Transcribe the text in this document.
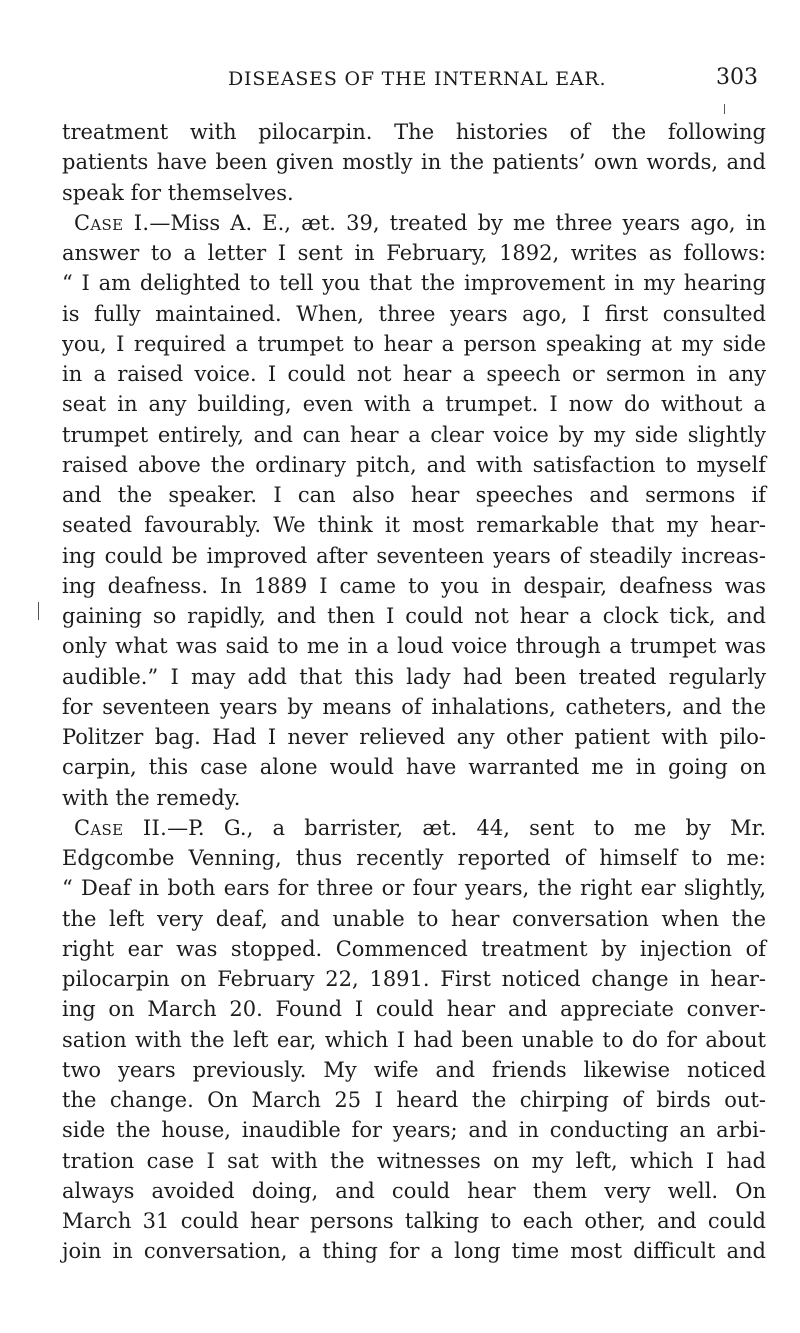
DISEASES OF THE INTERNAL EAR.	303
treatment with pilocarpin. The histories of the following
patients have been given mostly in the patients’ own words, and
speak for themselves.
Case I.—Miss A. E., æt. 39, treated by me three years ago, in
answer to a letter I sent in February, 1892, writes as follows:
“ I am delighted to tell you that the improvement in my hearing
is fully maintained. When, three years ago, I first consulted
you, I required a trumpet to hear a person speaking at my side
in a raised voice. I could not hear a speech or sermon in any
seat in any building, even with a trumpet. I now do without a
trumpet entirely, and can hear a clear voice by my side slightly
raised above the ordinary pitch, and with satisfaction to myself
and the speaker. I can also hear speeches and sermons if
seated favourably. We think it most remarkable that my hear-
ing could be improved after seventeen years of steadily increas-
ing deafness. In 1889 I came to you in despair, deafness was
gaining so rapidly, and then I could not hear a clock tick, and
only what was said to me in a loud voice through a trumpet was
audible.” I may add that this lady had been treated regularly
for seventeen years by means of inhalations, catheters, and the
Politzer bag. Had I never relieved any other patient with pilo-
carpin, this case alone would have warranted me in going on
with the remedy.
Case II.—P. G., a barrister, æt. 44, sent to me by Mr.
Edgcombe Venning, thus recently reported of himself to me:
“ Deaf in both ears for three or four years, the right ear slightly,
the left very deaf, and unable to hear conversation when the
right ear was stopped. Commenced treatment by injection of
pilocarpin on February 22, 1891. First noticed change in hear-
ing on March 20. Found I could hear and appreciate conver-
sation with the left ear, which I had been unable to do for about
two years previously. My wife and friends likewise noticed
the change. On March 25 I heard the chirping of birds out-
side the house, inaudible for years; and in conducting an arbi-
tration case I sat with the witnesses on my left, which I had
always avoided doing, and could hear them very well. On
March 31 could hear persons talking to each other, and could
join in conversation, a thing for a long time most difficult and
